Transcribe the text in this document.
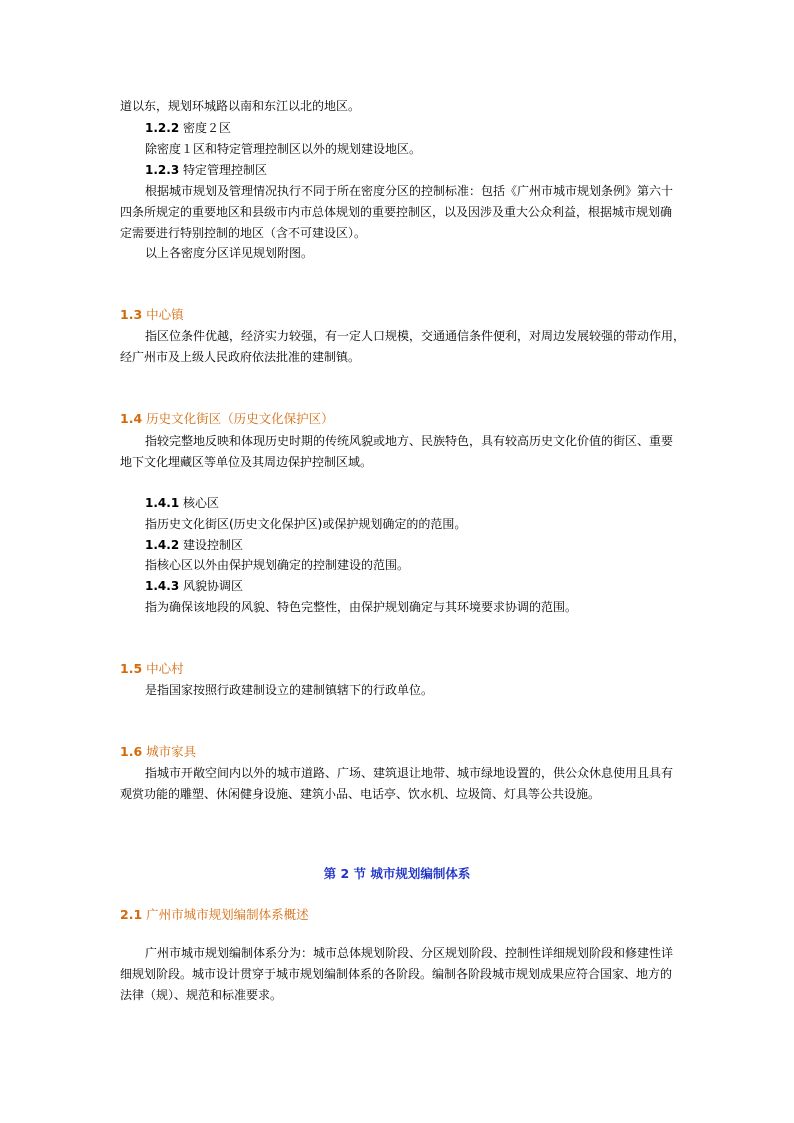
道以东，规划环城路以南和东江以北的地区。
1.2.2 密度２区
除密度１区和特定管理控制区以外的规划建设地区。
1.2.3 特定管理控制区
根据城市规划及管理情况执行不同于所在密度分区的控制标准：包括《广州市城市规划条例》第六十
四条所规定的重要地区和县级市内市总体规划的重要控制区，以及因涉及重大公众利益，根据城市规划确
定需要进行特别控制的地区（含不可建设区）。
以上各密度分区详见规划附图。
1.3 中心镇
指区位条件优越，经济实力较强，有一定人口规模，交通通信条件便利，对周边发展较强的带动作用，
经广州市及上级人民政府依法批准的建制镇。
1.4 历史文化街区（历史文化保护区）
指较完整地反映和体现历史时期的传统风貌或地方、民族特色，具有较高历史文化价值的街区、重要
地下文化埋藏区等单位及其周边保护控制区域。
1.4.1 核心区
指历史文化街区(历史文化保护区)或保护规划确定的的范围。
1.4.2 建设控制区
指核心区以外由保护规划确定的控制建设的范围。
1.4.3 风貌协调区
指为确保该地段的风貌、特色完整性，由保护规划确定与其环境要求协调的范围。
1.5 中心村
是指国家按照行政建制设立的建制镇辖下的行政单位。
1.6 城市家具
指城市开敞空间内以外的城市道路、广场、建筑退让地带、城市绿地设置的，供公众休息使用且具有
观赏功能的雕塑、休闲健身设施、建筑小品、电话亭、饮水机、垃圾筒、灯具等公共设施。
第 2 节 城市规划编制体系
2.1 广州市城市规划编制体系概述
广州市城市规划编制体系分为：城市总体规划阶段、分区规划阶段、控制性详细规划阶段和修建性详
细规划阶段。城市设计贯穿于城市规划编制体系的各阶段。编制各阶段城市规划成果应符合国家、地方的
法律（规）、规范和标准要求。
